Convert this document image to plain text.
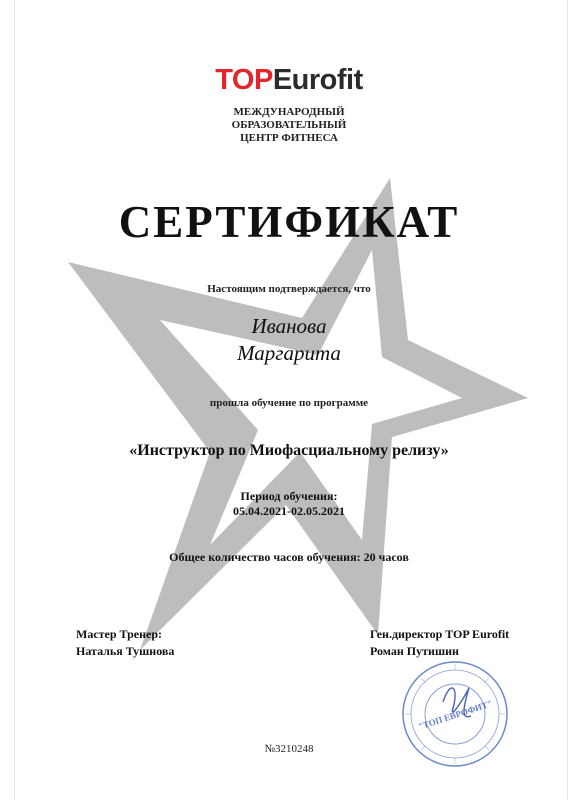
TOPEurofit
МЕЖДУНАРОДНЫЙ
ОБРАЗОВАТЕЛЬНЫЙ
ЦЕНТР ФИТНЕСА
СЕРТИФИКАТ
Настоящим подтверждается, что
Иванова
Маргарита
прошла обучение по программе
«Инструктор по Миофасциальному релизу»
Период обучения:
05.04.2021-02.05.2021
Общее количество часов обучения: 20 часов
Мастер Тренер:
Наталья Тушнова
Ген.директор TOP Eurofit
Роман Путишин
"ТОП ЕВРОФИТ"
№3210248
